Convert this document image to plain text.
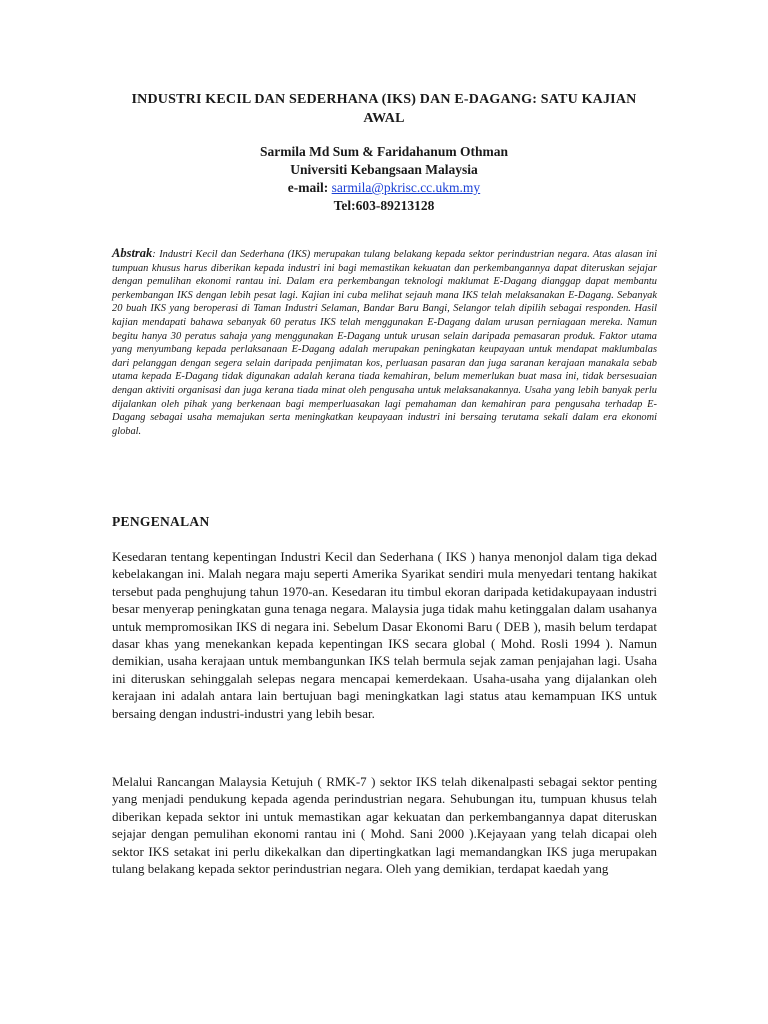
INDUSTRI KECIL DAN SEDERHANA (IKS) DAN E-DAGANG: SATU KAJIAN AWAL
Sarmila Md Sum & Faridahanum Othman
Universiti Kebangsaan Malaysia
e-mail: sarmila@pkrisc.cc.ukm.my
Tel:603-89213128
Abstrak: Industri Kecil dan Sederhana (IKS) merupakan tulang belakang kepada sektor perindustrian negara. Atas alasan ini tumpuan khusus harus diberikan kepada industri ini bagi memastikan kekuatan dan perkembangannya dapat diteruskan sejajar dengan pemulihan ekonomi rantau ini. Dalam era perkembangan teknologi maklumat E-Dagang dianggap dapat membantu perkembangan IKS dengan lebih pesat lagi. Kajian ini cuba melihat sejauh mana IKS telah melaksanakan E-Dagang. Sebanyak 20 buah IKS yang beroperasi di Taman Industri Selaman, Bandar Baru Bangi, Selangor telah dipilih sebagai responden. Hasil kajian mendapati bahawa sebanyak 60 peratus IKS telah menggunakan E-Dagang dalam urusan perniagaan mereka. Namun begitu hanya 30 peratus sahaja yang menggunakan E-Dagang untuk urusan selain daripada pemasaran produk. Faktor utama yang menyumbang kepada perlaksanaan E-Dagang adalah merupakan peningkatan keupayaan untuk mendapat maklumbalas dari pelanggan dengan segera selain daripada penjimatan kos, perluasan pasaran dan juga saranan kerajaan manakala sebab utama kepada E-Dagang tidak digunakan adalah kerana tiada kemahiran, belum memerlukan buat masa ini, tidak bersesuaian dengan aktiviti organisasi dan juga kerana tiada minat oleh pengusaha untuk melaksanakannya. Usaha yang lebih banyak perlu dijalankan oleh pihak yang berkenaan bagi memperluasakan lagi pemahaman dan kemahiran para pengusaha terhadap E-Dagang sebagai usaha memajukan serta meningkatkan keupayaan industri ini bersaing terutama sekali dalam era ekonomi global.
PENGENALAN
Kesedaran tentang kepentingan Industri Kecil dan Sederhana ( IKS ) hanya menonjol dalam tiga dekad kebelakangan ini. Malah negara maju seperti Amerika Syarikat sendiri mula menyedari tentang hakikat tersebut pada penghujung tahun 1970-an. Kesedaran itu timbul ekoran daripada ketidakupayaan industri besar menyerap peningkatan guna tenaga negara. Malaysia juga tidak mahu ketinggalan dalam usahanya untuk mempromosikan IKS di negara ini. Sebelum Dasar Ekonomi Baru ( DEB ), masih belum terdapat dasar khas yang menekankan kepada kepentingan IKS secara global ( Mohd. Rosli 1994 ). Namun demikian, usaha kerajaan untuk membangunkan IKS telah bermula sejak zaman penjajahan lagi. Usaha ini diteruskan sehinggalah selepas negara mencapai kemerdekaan. Usaha-usaha yang dijalankan oleh kerajaan ini adalah antara lain bertujuan bagi meningkatkan lagi status atau kemampuan IKS untuk bersaing dengan industri-industri yang lebih besar.
Melalui Rancangan Malaysia Ketujuh ( RMK-7 ) sektor IKS telah dikenalpasti sebagai sektor penting yang menjadi pendukung kepada agenda perindustrian negara. Sehubungan itu, tumpuan khusus telah diberikan kepada sektor ini untuk memastikan agar kekuatan dan perkembangannya dapat diteruskan sejajar dengan pemulihan ekonomi rantau ini ( Mohd. Sani 2000 ).Kejayaan yang telah dicapai oleh sektor IKS setakat ini perlu dikekalkan dan dipertingkatkan lagi memandangkan IKS juga merupakan tulang belakang kepada sektor perindustrian negara. Oleh yang demikian, terdapat kaedah yang
